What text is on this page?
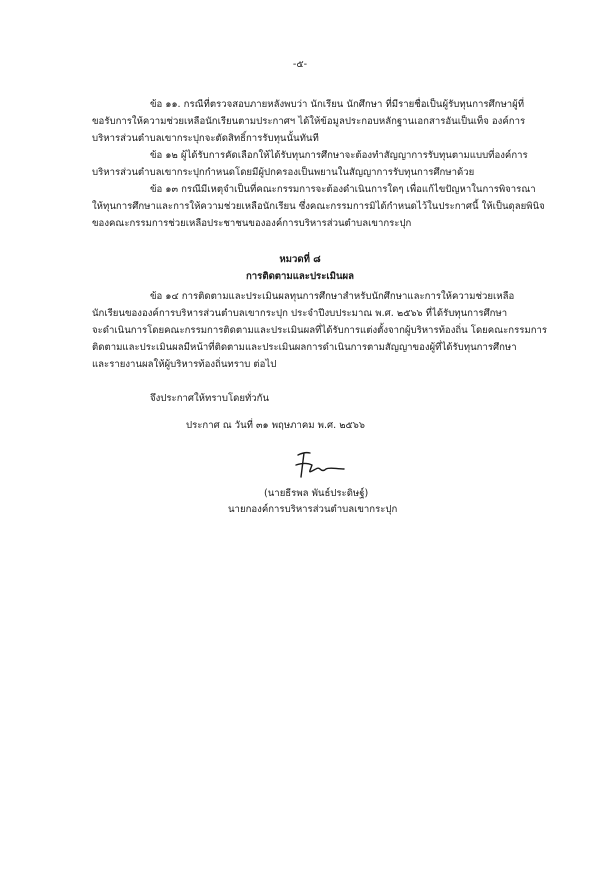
-๕-
ข้อ ๑๑. กรณีที่ตรวจสอบภายหลังพบว่า นักเรียน นักศึกษา ที่มีรายชื่อเป็นผู้รับทุนการศึกษาผู้ที่
ขอรับการให้ความช่วยเหลือนักเรียนตามประกาศฯ ได้ให้ข้อมูลประกอบหลักฐานเอกสารอันเป็นเท็จ องค์การ
บริหารส่วนตำบลเขากระปุกจะตัดสิทธิ์การรับทุนนั้นทันที
ข้อ ๑๒ ผู้ได้รับการคัดเลือกให้ได้รับทุนการศึกษาจะต้องทำสัญญาการรับทุนตามแบบที่องค์การ
บริหารส่วนตำบลเขากระปุกกำหนดโดยมีผู้ปกครองเป็นพยานในสัญญาการรับทุนการศึกษาด้วย
ข้อ ๑๓ กรณีมีเหตุจำเป็นที่คณะกรรมการจะต้องดำเนินการใดๆ เพื่อแก้ไขปัญหาในการพิจารณา
ให้ทุนการศึกษาและการให้ความช่วยเหลือนักเรียน ซึ่งคณะกรรมการมิได้กำหนดไว้ในประกาศนี้ ให้เป็นดุลยพินิจ
ของคณะกรรมการช่วยเหลือประชาชนขององค์การบริหารส่วนตำบลเขากระปุก
หมวดที่ ๘
การติดตามและประเมินผล
ข้อ ๑๔ การติดตามและประเมินผลทุนการศึกษาสำหรับนักศึกษาและการให้ความช่วยเหลือ
นักเรียนขององค์การบริหารส่วนตำบลเขากระปุก ประจำปีงบประมาณ พ.ศ. ๒๕๖๖ ที่ได้รับทุนการศึกษา
จะดำเนินการโดยคณะกรรมการติดตามและประเมินผลที่ได้รับการแต่งตั้งจากผู้บริหารท้องถิ่น โดยคณะกรรมการ
ติดตามและประเมินผลมีหน้าที่ติดตามและประเมินผลการดำเนินการตามสัญญาของผู้ที่ได้รับทุนการศึกษา
และรายงานผลให้ผู้บริหารท้องถิ่นทราบ ต่อไป
จึงประกาศให้ทราบโดยทั่วกัน
ประกาศ ณ วันที่ ๓๑ พฤษภาคม พ.ศ. ๒๕๖๖
(นายธีรพล พันธ์ประดิษฐ์)
นายกองค์การบริหารส่วนตำบลเขากระปุก
